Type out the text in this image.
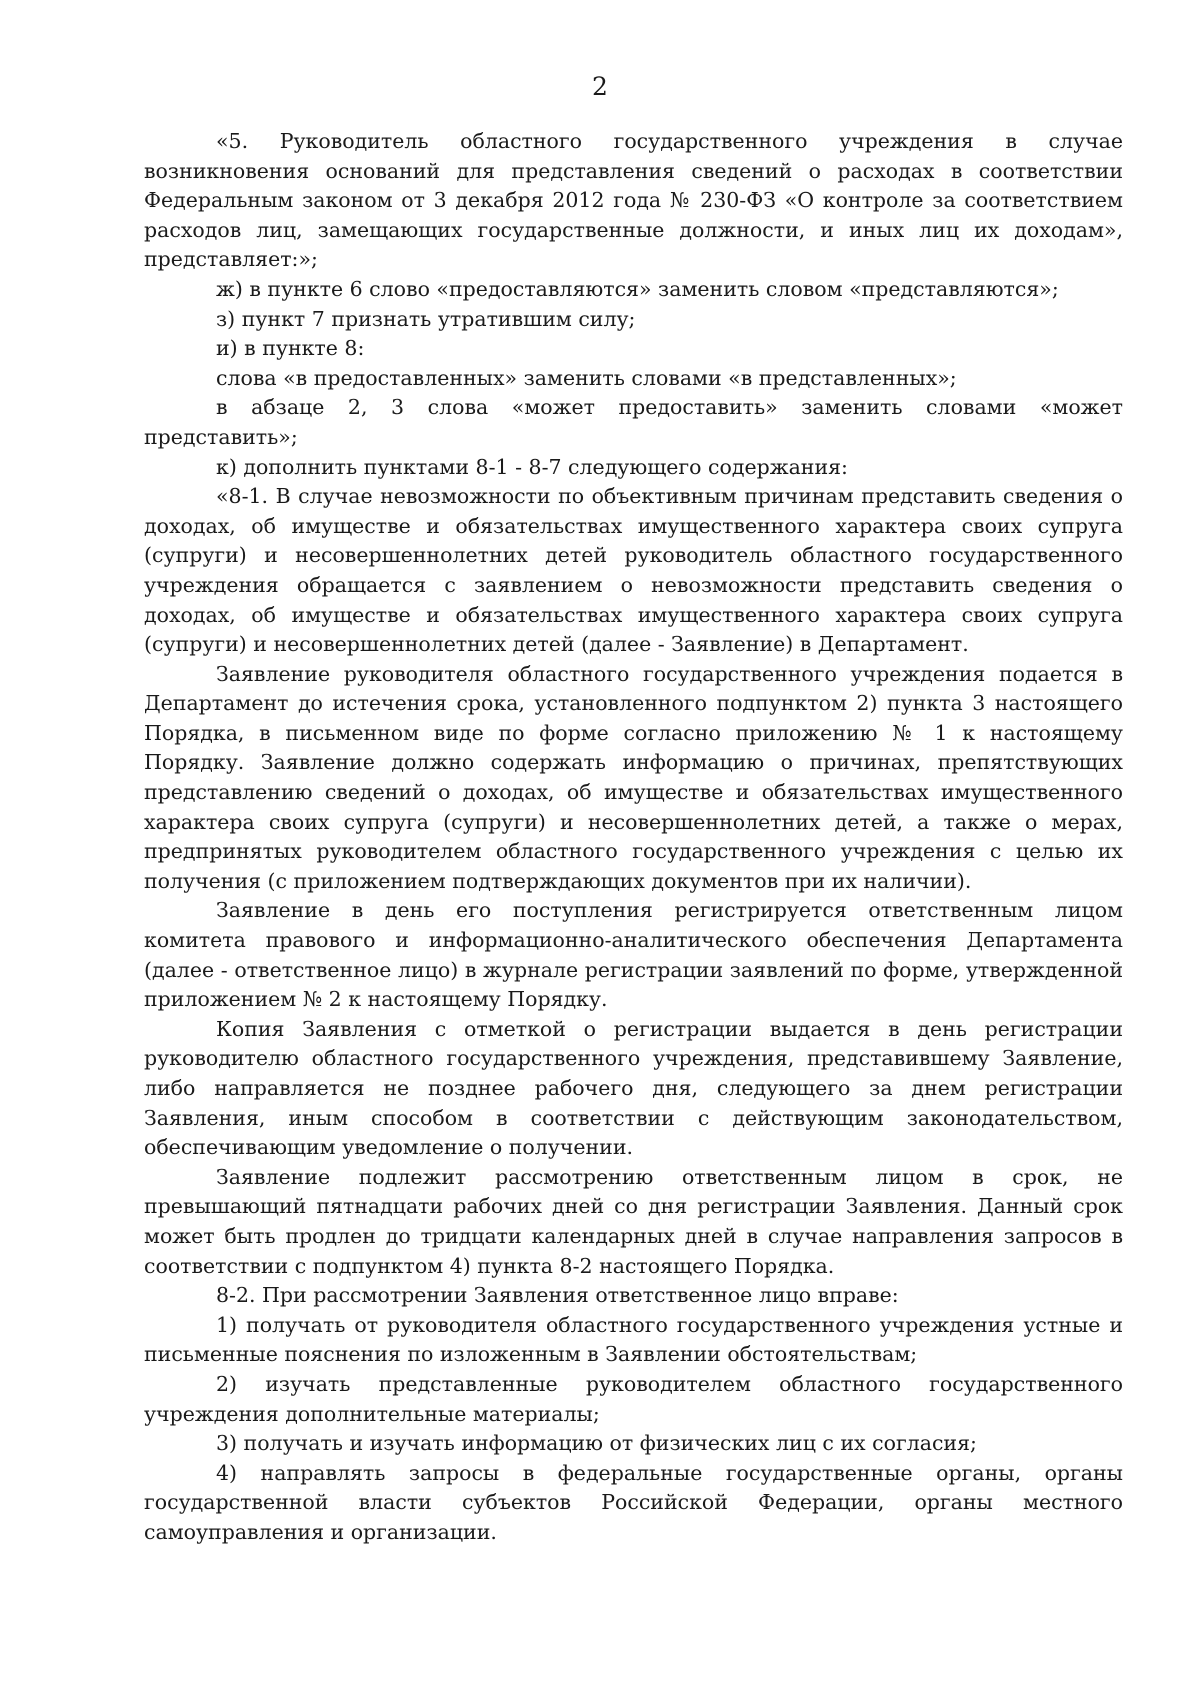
2

«5. Руководитель областного государственного учреждения в случае возникновения оснований для представления сведений о расходах в соответствии Федеральным законом от 3 декабря 2012 года № 230-ФЗ «О контроле за соответствием расходов лиц, замещающих государственные должности, и иных лиц их доходам», представляет:»;

ж) в пункте 6 слово «предоставляются» заменить словом «представляются»;

з) пункт 7 признать утратившим силу;

и) в пункте 8:

слова «в предоставленных» заменить словами «в представленных»;

в абзаце 2, 3 слова «может предоставить» заменить словами «может представить»;

к) дополнить пунктами 8-1 - 8-7 следующего содержания:

«8-1. В случае невозможности по объективным причинам представить сведения о доходах, об имуществе и обязательствах имущественного характера своих супруга (супруги) и несовершеннолетних детей руководитель областного государственного учреждения обращается с заявлением о невозможности представить сведения о доходах, об имуществе и обязательствах имущественного характера своих супруга (супруги) и несовершеннолетних детей (далее - Заявление) в Департамент.

Заявление руководителя областного государственного учреждения подается в Департамент до истечения срока, установленного подпунктом 2) пункта 3 настоящего Порядка, в письменном виде по форме согласно приложению № 1 к настоящему Порядку. Заявление должно содержать информацию о причинах, препятствующих представлению сведений о доходах, об имуществе и обязательствах имущественного характера своих супруга (супруги) и несовершеннолетних детей, а также о мерах, предпринятых руководителем областного государственного учреждения с целью их получения (с приложением подтверждающих документов при их наличии).

Заявление в день его поступления регистрируется ответственным лицом комитета правового и информационно-аналитического обеспечения Департамента (далее - ответственное лицо) в журнале регистрации заявлений по форме, утвержденной приложением № 2 к настоящему Порядку.

Копия Заявления с отметкой о регистрации выдается в день регистрации руководителю областного государственного учреждения, представившему Заявление, либо направляется не позднее рабочего дня, следующего за днем регистрации Заявления, иным способом в соответствии с действующим законодательством, обеспечивающим уведомление о получении.

Заявление подлежит рассмотрению ответственным лицом в срок, не превышающий пятнадцати рабочих дней со дня регистрации Заявления. Данный срок может быть продлен до тридцати календарных дней в случае направления запросов в соответствии с подпунктом 4) пункта 8-2 настоящего Порядка.

8-2. При рассмотрении Заявления ответственное лицо вправе:

1) получать от руководителя областного государственного учреждения устные и письменные пояснения по изложенным в Заявлении обстоятельствам;

2) изучать представленные руководителем областного государственного учреждения дополнительные материалы;

3) получать и изучать информацию от физических лиц с их согласия;

4) направлять запросы в федеральные государственные органы, органы государственной власти субъектов Российской Федерации, органы местного самоуправления и организации.
